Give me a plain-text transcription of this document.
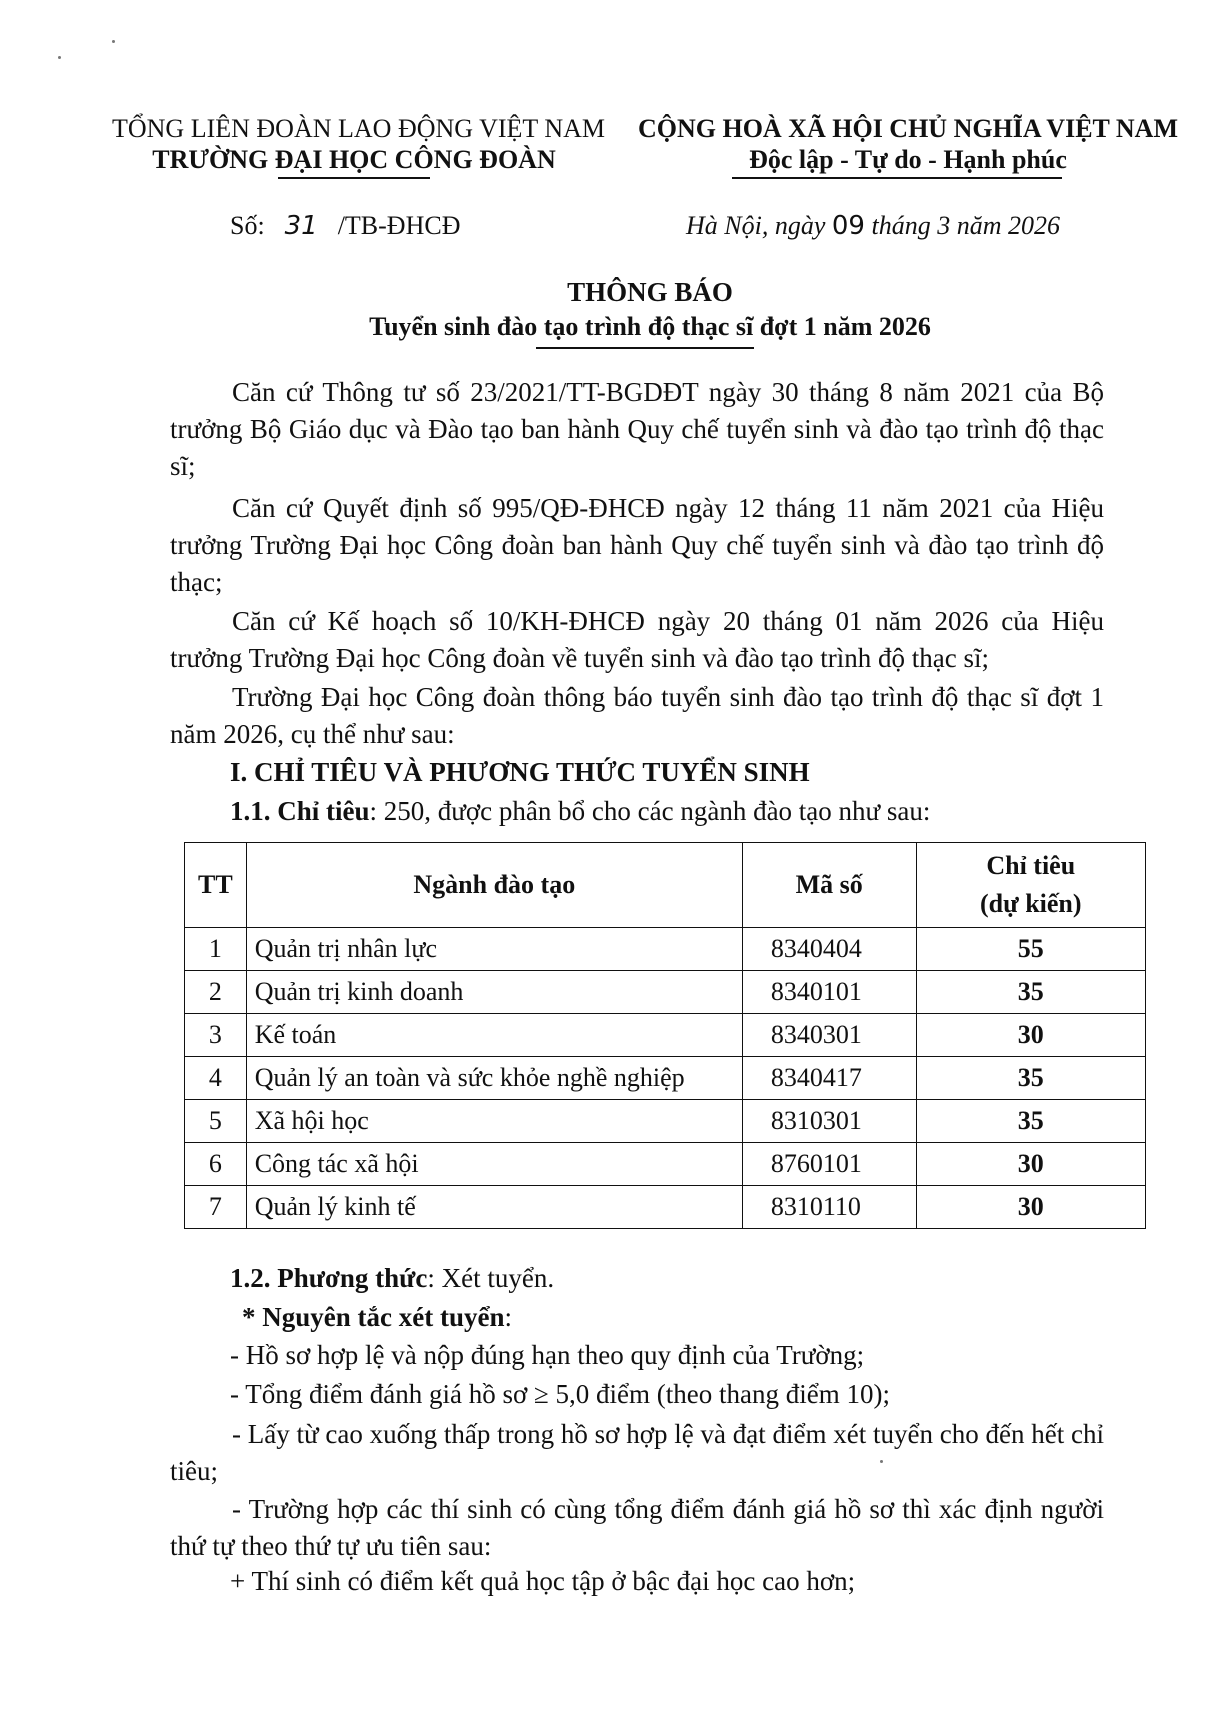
TỔNG LIÊN ĐOÀN LAO ĐỘNG VIỆT NAM
TRƯỜNG ĐẠI HỌC CÔNG ĐOÀN
CỘNG HOÀ XÃ HỘI CHỦ NGHĨA VIỆT NAM
Độc lập - Tự do - Hạnh phúc
Số: 31 /TB-ĐHCĐ	Hà Nội, ngày 09 tháng 3 năm 2026
THÔNG BÁO
Tuyển sinh đào tạo trình độ thạc sĩ đợt 1 năm 2026
Căn cứ Thông tư số 23/2021/TT-BGDĐT ngày 30 tháng 8 năm 2021 của Bộ trưởng Bộ Giáo dục và Đào tạo ban hành Quy chế tuyển sinh và đào tạo trình độ thạc sĩ;
Căn cứ Quyết định số 995/QĐ-ĐHCĐ ngày 12 tháng 11 năm 2021 của Hiệu trưởng Trường Đại học Công đoàn ban hành Quy chế tuyển sinh và đào tạo trình độ thạc;
Căn cứ Kế hoạch số 10/KH-ĐHCĐ ngày 20 tháng 01 năm 2026 của Hiệu trưởng Trường Đại học Công đoàn về tuyển sinh và đào tạo trình độ thạc sĩ;
Trường Đại học Công đoàn thông báo tuyển sinh đào tạo trình độ thạc sĩ đợt 1 năm 2026, cụ thể như sau:
I. CHỈ TIÊU VÀ PHƯƠNG THỨC TUYỂN SINH
1.1. Chỉ tiêu: 250, được phân bổ cho các ngành đào tạo như sau:
TT	Ngành đào tạo	Mã số	Chỉ tiêu
(dự kiến)
1	Quản trị nhân lực	8340404	55
2	Quản trị kinh doanh	8340101	35
3	Kế toán	8340301	30
4	Quản lý an toàn và sức khỏe nghề nghiệp	8340417	35
5	Xã hội học	8310301	35
6	Công tác xã hội	8760101	30
7	Quản lý kinh tế	8310110	30
1.2. Phương thức: Xét tuyển.
* Nguyên tắc xét tuyển:
- Hồ sơ hợp lệ và nộp đúng hạn theo quy định của Trường;
- Tổng điểm đánh giá hồ sơ ≥ 5,0 điểm (theo thang điểm 10);
- Lấy từ cao xuống thấp trong hồ sơ hợp lệ và đạt điểm xét tuyển cho đến hết chỉ tiêu;
- Trường hợp các thí sinh có cùng tổng điểm đánh giá hồ sơ thì xác định người thứ tự theo thứ tự ưu tiên sau:
+ Thí sinh có điểm kết quả học tập ở bậc đại học cao hơn;
